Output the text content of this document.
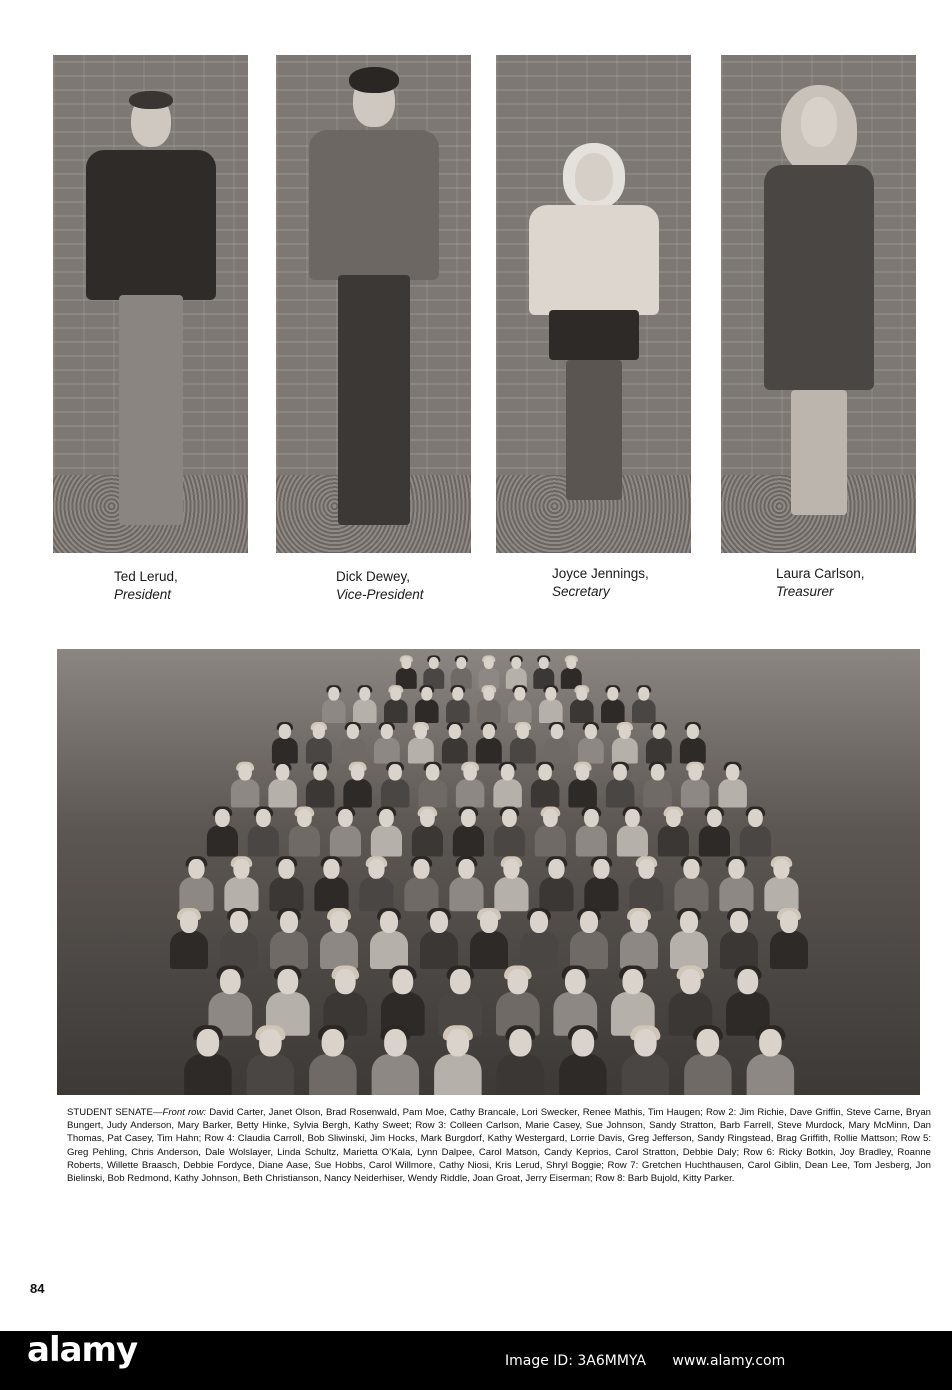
Ted Lerud,
President
Dick Dewey,
Vice-President
Joyce Jennings,
Secretary
Laura Carlson,
Treasurer
STUDENT SENATE—Front row: David Carter, Janet Olson, Brad Rosenwald, Pam Moe, Cathy Brancale, Lori Swecker, Renee Mathis, Tim Haugen; Row 2: Jim Richie, Dave Griffin, Steve Carne, Bryan Bungert, Judy Anderson, Mary Barker, Betty Hinke, Sylvia Bergh, Kathy Sweet; Row 3: Colleen Carlson, Marie Casey, Sue Johnson, Sandy Stratton, Barb Farrell, Steve Murdock, Mary McMinn, Dan Thomas, Pat Casey, Tim Hahn; Row 4: Claudia Carroll, Bob Sliwinski, Jim Hocks, Mark Burgdorf, Kathy Westergard, Lorrie Davis, Greg Jefferson, Sandy Ringstead, Brag Griffith, Rollie Mattson; Row 5: Greg Pehling, Chris Anderson, Dale Wolslayer, Linda Schultz, Marietta O'Kala, Lynn Dalpee, Carol Matson, Candy Keprios, Carol Stratton, Debbie Daly; Row 6: Ricky Botkin, Joy Bradley, Roanne Roberts, Willette Braasch, Debbie Fordyce, Diane Aase, Sue Hobbs, Carol Willmore, Cathy Niosi, Kris Lerud, Shryl Boggie; Row 7: Gretchen Huchthausen, Carol Giblin, Dean Lee, Tom Jesberg, Jon Bielinski, Bob Redmond, Kathy Johnson, Beth Christianson, Nancy Neiderhiser, Wendy Riddle, Joan Groat, Jerry Eiserman; Row 8: Barb Bujold, Kitty Parker.
84
alamy	Image ID: 3A6MMYA www.alamy.com
